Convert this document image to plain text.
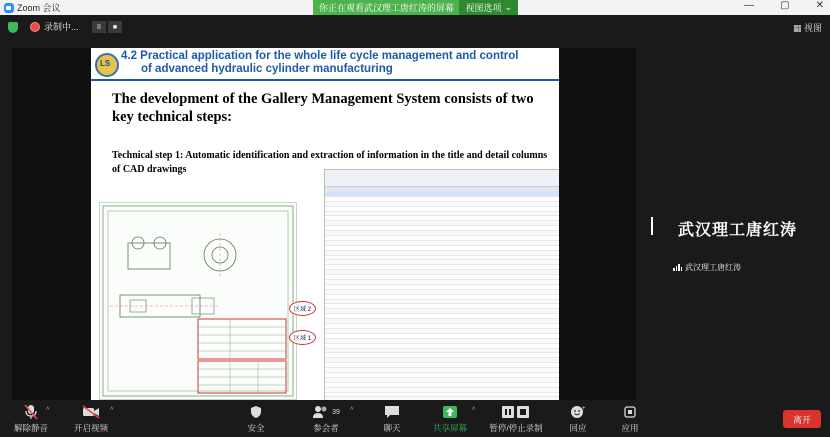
Zoom 会议	—	▢	✕
你正在观看武汉理工唐红涛的屏幕	视图选项 ⌄
录制中...	II	■	▦ 视图
LS
4.2 Practical application for the whole life cycle management and control
of advanced hydraulic cylinder manufacturing
The development of the Gallery Management System consists of two key technical steps:
Technical step 1: Automatic identification and extraction of information in the title and detail columns of CAD drawings
区域 2
区域 1
武汉理工唐红涛
武汉理工唐红涛
解除静音
^
开启视频
^
安全
39
参会者
^
聊天	共享屏幕
^
暂停/停止录制
+
回应	应用
离开
